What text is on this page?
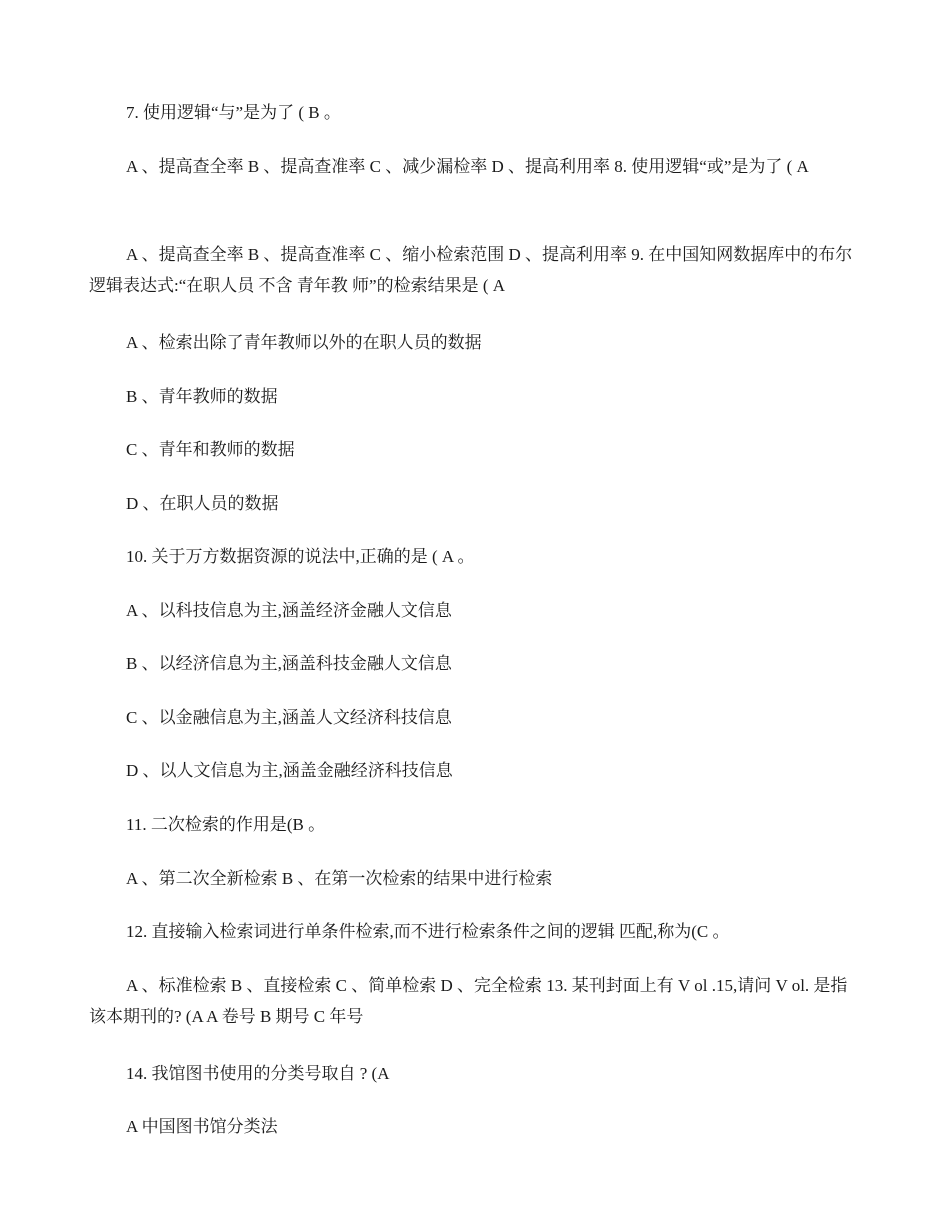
7. 使用逻辑“与”是为了 ( B 。

A 、提高查全率 B 、提高查准率 C 、减少漏检率 D 、提高利用率 8. 使用逻辑“或”是为了 ( A

A 、提高查全率 B 、提高查准率 C 、缩小检索范围 D 、提高利用率 9. 在中国知网数据库中的布尔逻辑表达式:“在职人员 不含 青年教 师”的检索结果是 ( A

A 、检索出除了青年教师以外的在职人员的数据

B 、青年教师的数据

C 、青年和教师的数据

D 、在职人员的数据

10. 关于万方数据资源的说法中,正确的是 ( A 。

A 、以科技信息为主,涵盖经济金融人文信息

B 、以经济信息为主,涵盖科技金融人文信息

C 、以金融信息为主,涵盖人文经济科技信息

D 、以人文信息为主,涵盖金融经济科技信息

11. 二次检索的作用是(B 。

A 、第二次全新检索 B 、在第一次检索的结果中进行检索

12. 直接输入检索词进行单条件检索,而不进行检索条件之间的逻辑 匹配,称为(C 。

A 、标准检索 B 、直接检索 C 、简单检索 D 、完全检索 13. 某刊封面上有 V ol .15,请问 V ol. 是指该本期刊的? (A A 卷号 B 期号 C 年号

14. 我馆图书使用的分类号取自 ? (A

A 中国图书馆分类法
